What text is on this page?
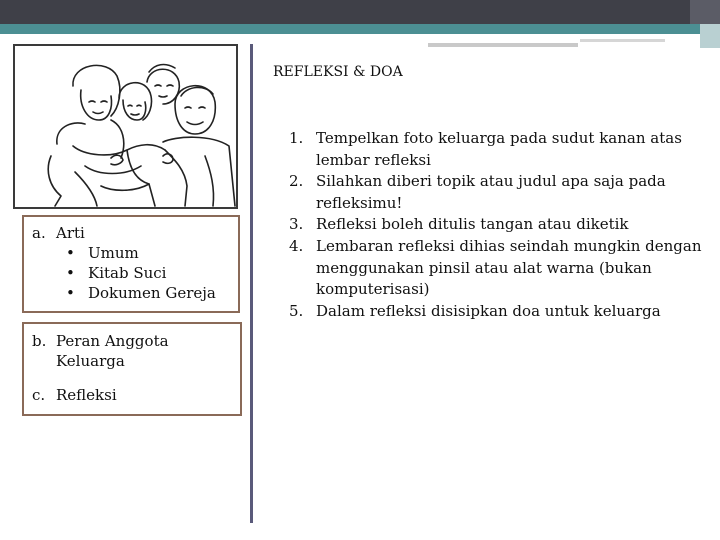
a. Arti
• Umum
• Kitab Suci
• Dokumen Gereja
b. Peran Anggota Keluarga
c. Refleksi
REFLEKSI & DOA
1. Tempelkan foto keluarga pada sudut kanan atas lembar refleksi
2. Silahkan diberi topik atau judul apa saja pada refleksimu!
3. Refleksi boleh ditulis tangan atau diketik
4. Lembaran refleksi dihias seindah mungkin dengan menggunakan pinsil atau alat warna (bukan komputerisasi)
5. Dalam refleksi disisipkan doa untuk keluarga
